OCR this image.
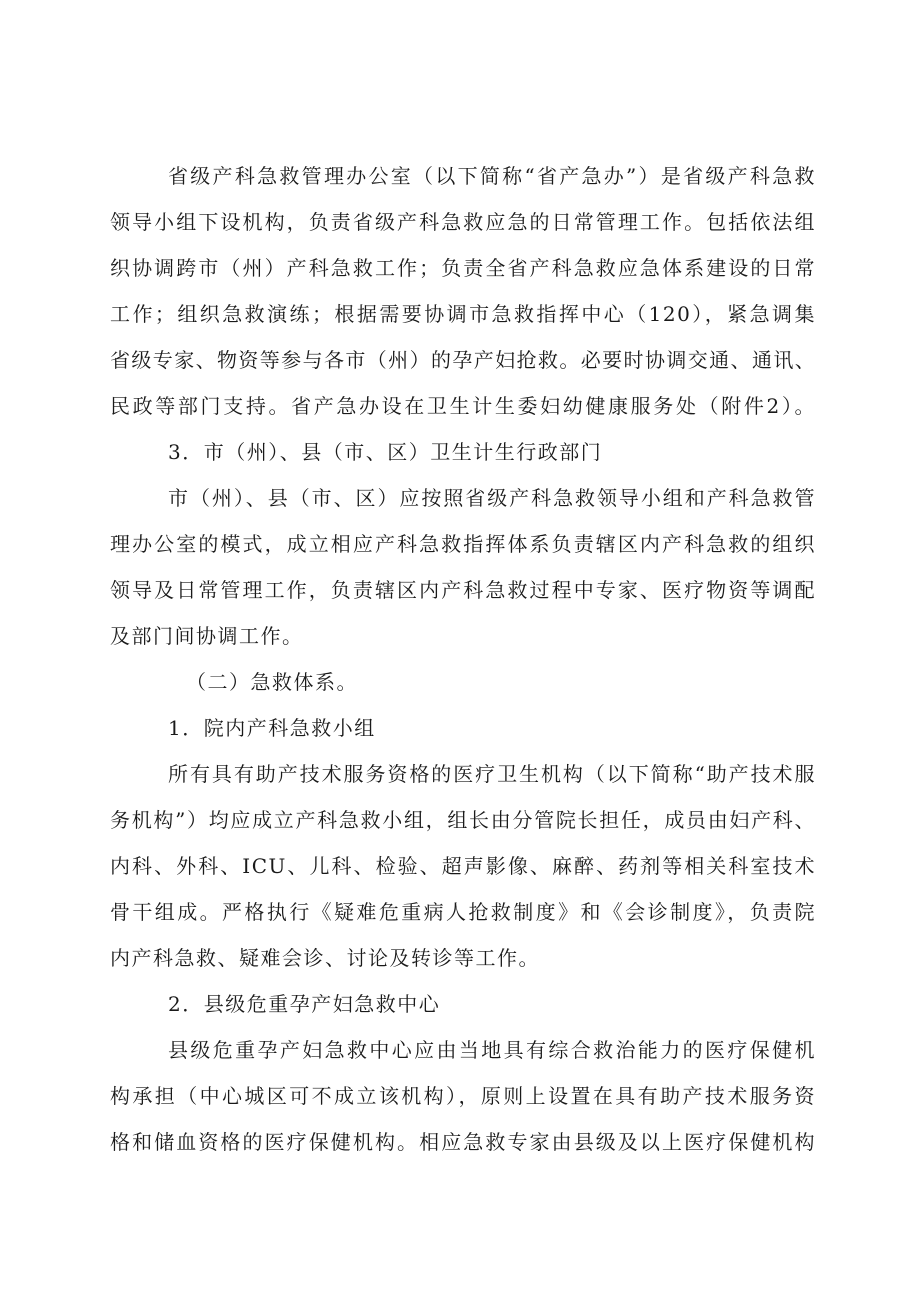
省级产科急救管理办公室（以下简称“省产急办”）是省级产科急救
领导小组下设机构，负责省级产科急救应急的日常管理工作。包括依法组
织协调跨市（州）产科急救工作；负责全省产科急救应急体系建设的日常
工作；组织急救演练；根据需要协调市急救指挥中心（120），紧急调集
省级专家、物资等参与各市（州）的孕产妇抢救。必要时协调交通、通讯、
民政等部门支持。省产急办设在卫生计生委妇幼健康服务处（附件2）。
3．市（州）、县（市、区）卫生计生行政部门
市（州）、县（市、区）应按照省级产科急救领导小组和产科急救管
理办公室的模式，成立相应产科急救指挥体系负责辖区内产科急救的组织
领导及日常管理工作，负责辖区内产科急救过程中专家、医疗物资等调配
及部门间协调工作。
（二）急救体系。
1．院内产科急救小组
所有具有助产技术服务资格的医疗卫生机构（以下简称“助产技术服
务机构”）均应成立产科急救小组，组长由分管院长担任，成员由妇产科、
内科、外科、ICU、儿科、检验、超声影像、麻醉、药剂等相关科室技术
骨干组成。严格执行《疑难危重病人抢救制度》和《会诊制度》，负责院
内产科急救、疑难会诊、讨论及转诊等工作。
2．县级危重孕产妇急救中心
县级危重孕产妇急救中心应由当地具有综合救治能力的医疗保健机
构承担（中心城区可不成立该机构），原则上设置在具有助产技术服务资
格和储血资格的医疗保健机构。相应急救专家由县级及以上医疗保健机构
